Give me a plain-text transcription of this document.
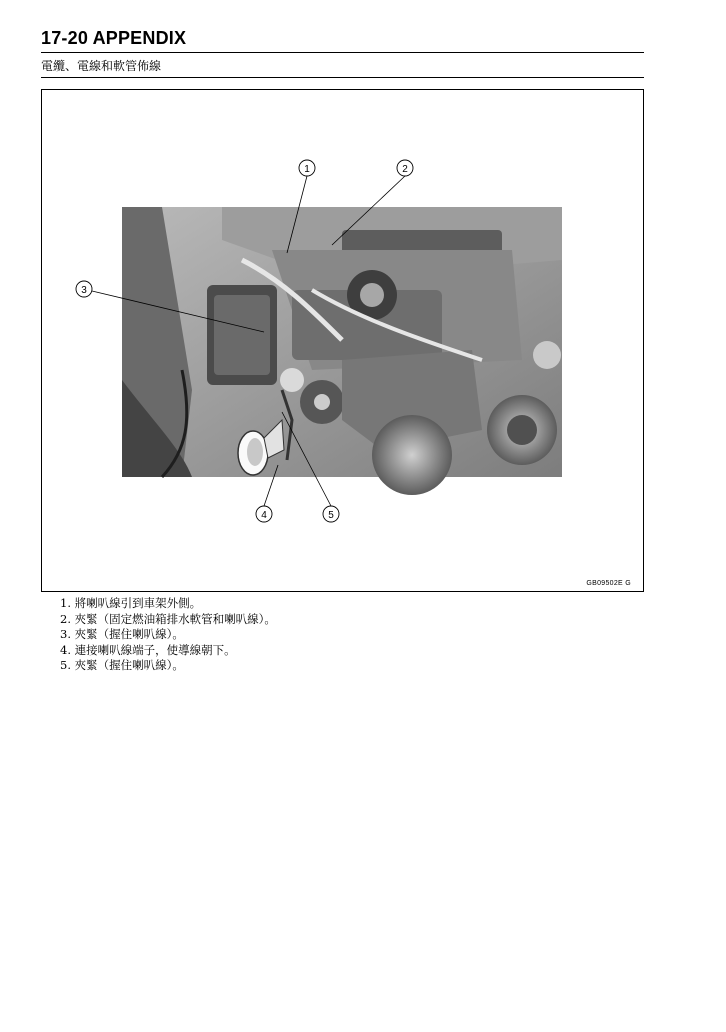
17-20 APPENDIX
電纜、電線和軟管佈線
1	2
3
4	5
GB09502E G
1. 將喇叭線引到車架外側。
2. 夾緊（固定燃油箱排水軟管和喇叭線）。
3. 夾緊（握住喇叭線）。
4. 連接喇叭線端子，使導線朝下。
5. 夾緊（握住喇叭線）。
